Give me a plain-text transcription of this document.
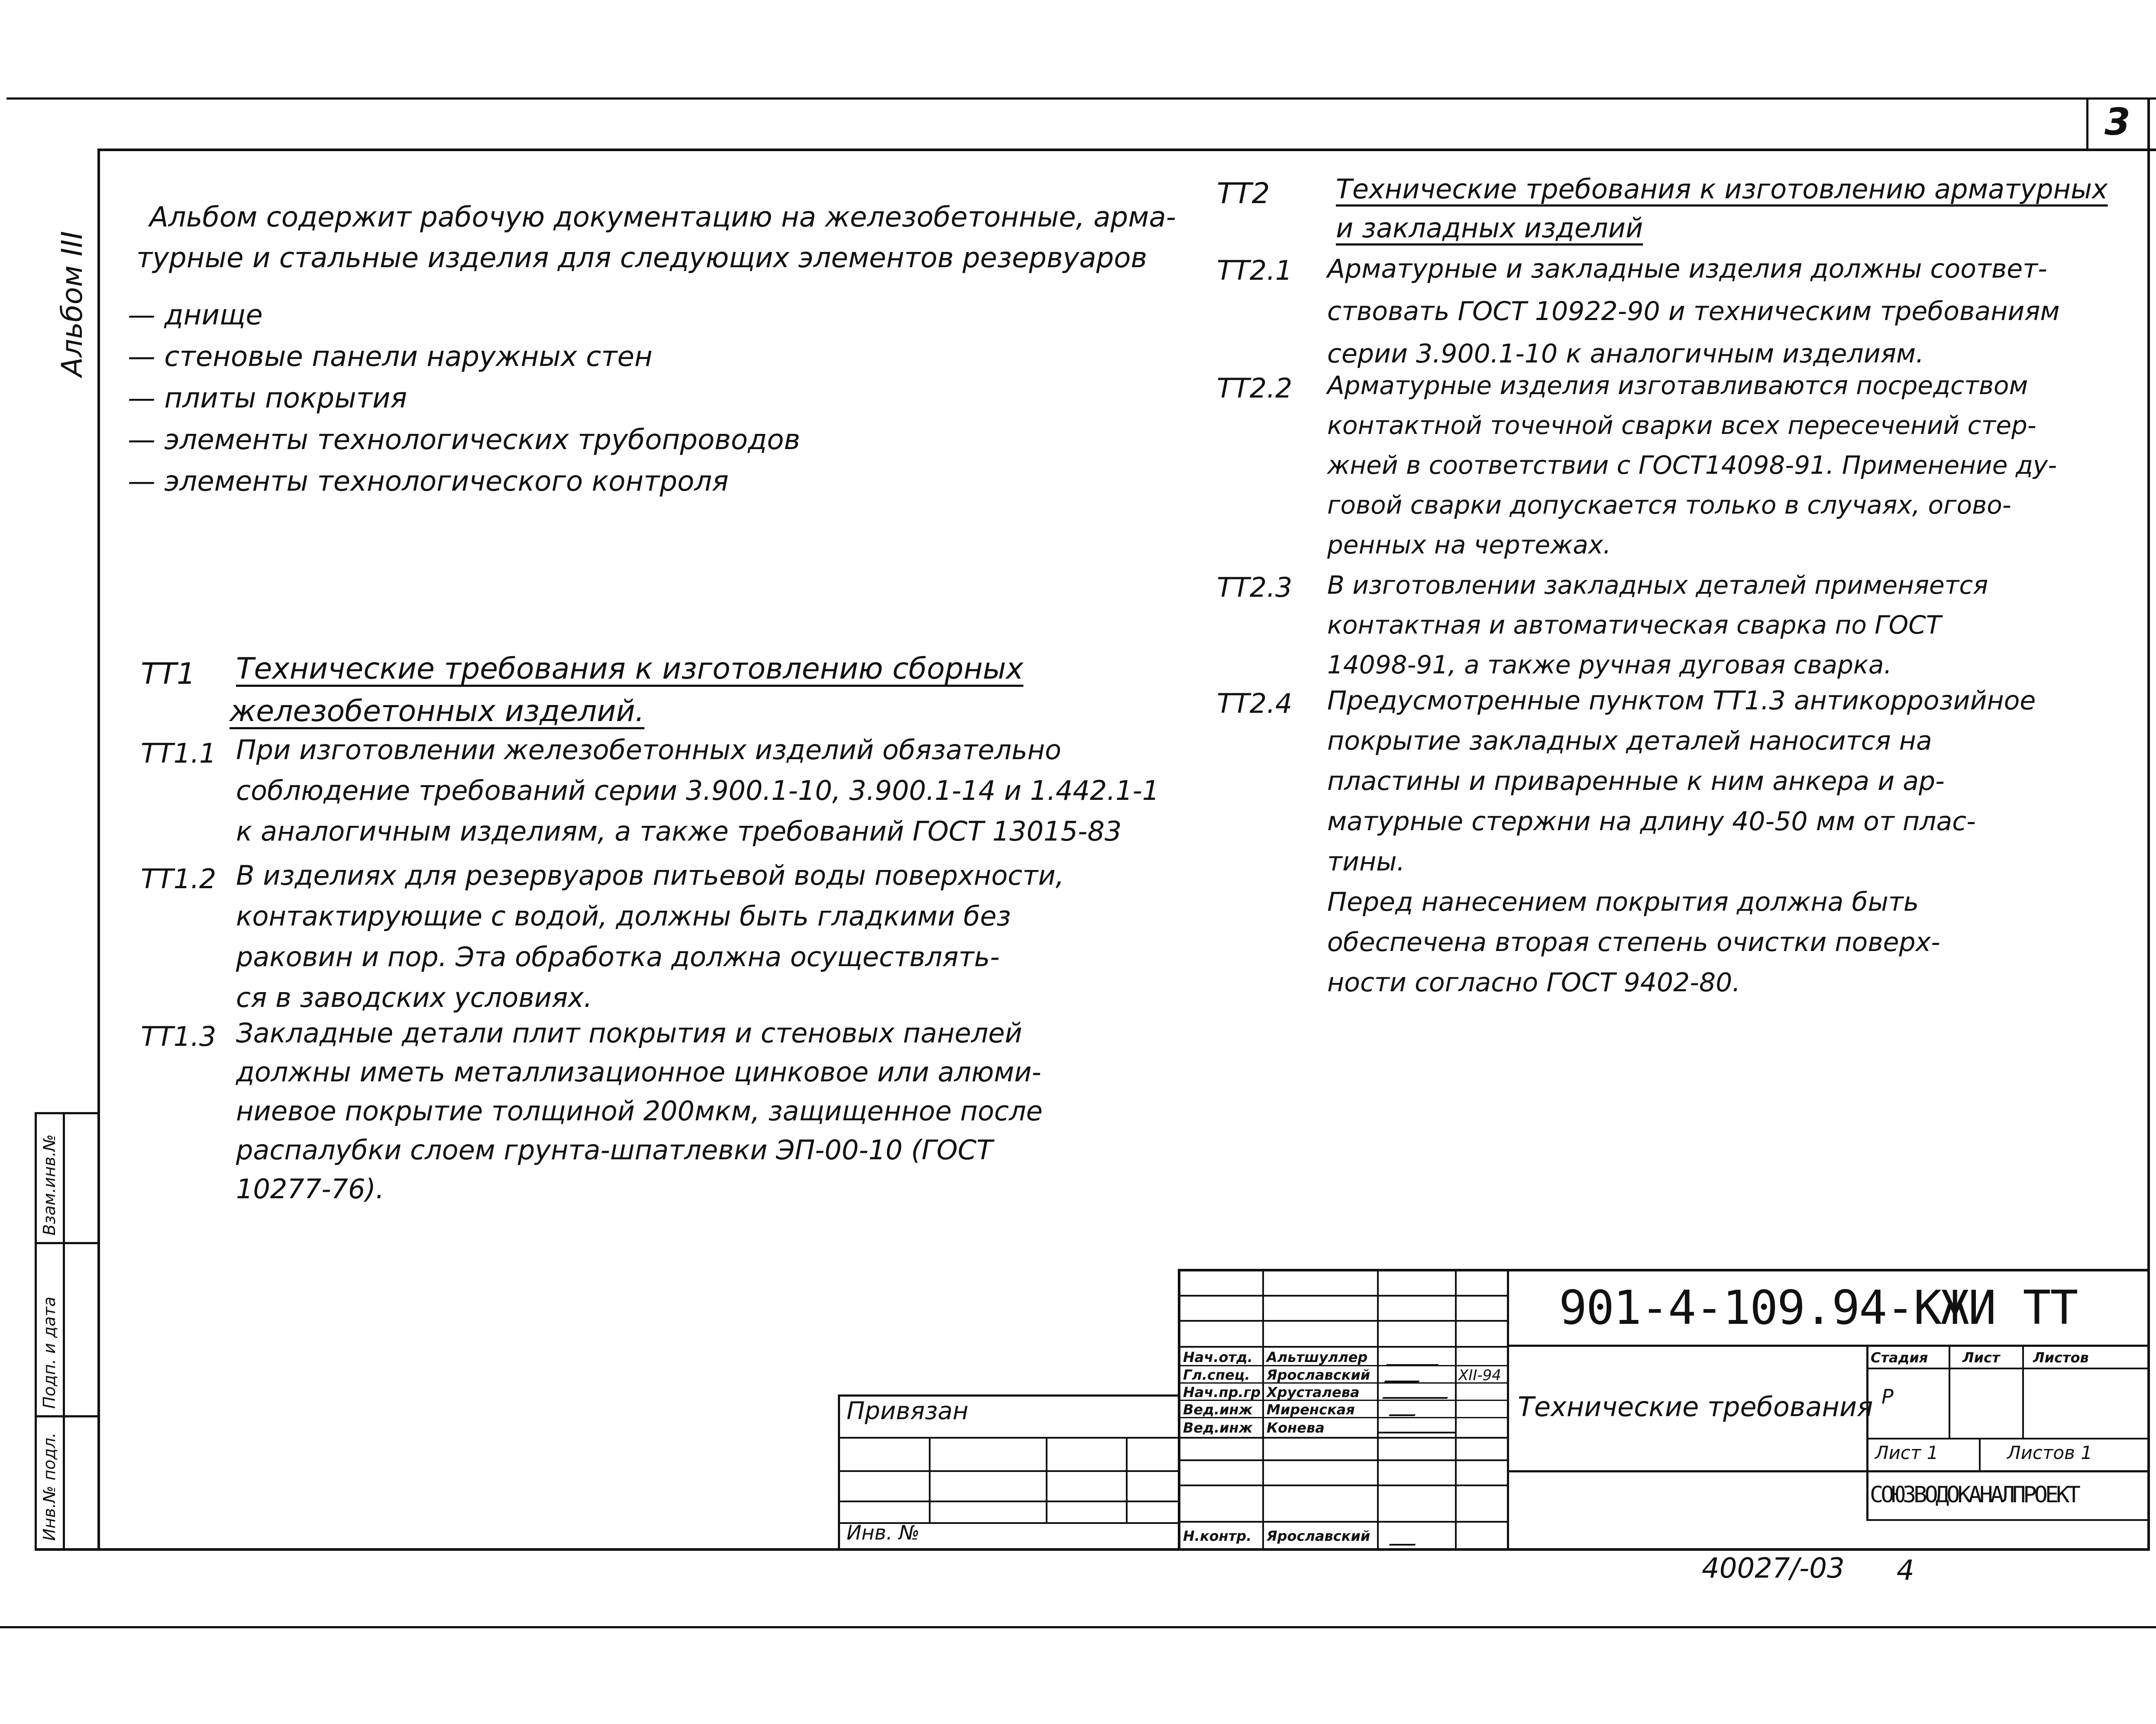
3
Альбом III
Взам.инв.№
Подп. и дата
Инв.№ подл.
Альбом содержит рабочую документацию на железобетонные, арма-
турные и стальные изделия для следующих элементов резервуаров
— днище
— стеновые панели наружных стен
— плиты покрытия
— элементы технологических трубопроводов
— элементы технологического контроля
ТТ1 Технические требования к изготовлению сборных
железобетонных изделий.
ТТ1.1 При изготовлении железобетонных изделий обязательно
соблюдение требований серии 3.900.1-10, 3.900.1-14 и 1.442.1-1
к аналогичным изделиям, а также требований ГОСТ 13015-83
ТТ1.2 В изделиях для резервуаров питьевой воды поверхности,
контактирующие с водой, должны быть гладкими без
раковин и пор. Эта обработка должна осуществлять-
ся в заводских условиях.
ТТ1.3 Закладные детали плит покрытия и стеновых панелей
должны иметь металлизационное цинковое или алюми-
ниевое покрытие толщиной 200мкм, защищенное после
распалубки слоем грунта-шпатлевки ЭП-00-10 (ГОСТ
10277-76).
ТТ2 Технические требования к изготовлению арматурных
и закладных изделий
ТТ2.1 Арматурные и закладные изделия должны соответ-
ствовать ГОСТ 10922-90 и техническим требованиям
серии 3.900.1-10 к аналогичным изделиям.
ТТ2.2 Арматурные изделия изготавливаются посредством
контактной точечной сварки всех пересечений стер-
жней в соответствии с ГОСТ14098-91. Применение ду-
говой сварки допускается только в случаях, огово-
ренных на чертежах.
ТТ2.3 В изготовлении закладных деталей применяется
контактная и автоматическая сварка по ГОСТ
14098-91, а также ручная дуговая сварка.
ТТ2.4 Предусмотренные пунктом ТТ1.3 антикоррозийное
покрытие закладных деталей наносится на
пластины и приваренные к ним анкера и ар-
матурные стержни на длину 40-50 мм от плас-
тины.
Перед нанесением покрытия должна быть
обеспечена вторая степень очистки поверх-
ности согласно ГОСТ 9402-80.
Привязан
Инв. №
Нач.отд. Альтшуллер
Гл.спец. Ярославский
Нач.пр.гр Хрусталева
Вед.инж Миренская
Вед.инж Конева
Н.контр. Ярославский
ХII-94
901-4-109.94-КЖИ ТТ
Технические требования
Стадия Лист Листов
Р
Лист 1	Листов 1
СОЮЗВОДОКАНАЛПРОЕКТ
40027/-03 4
